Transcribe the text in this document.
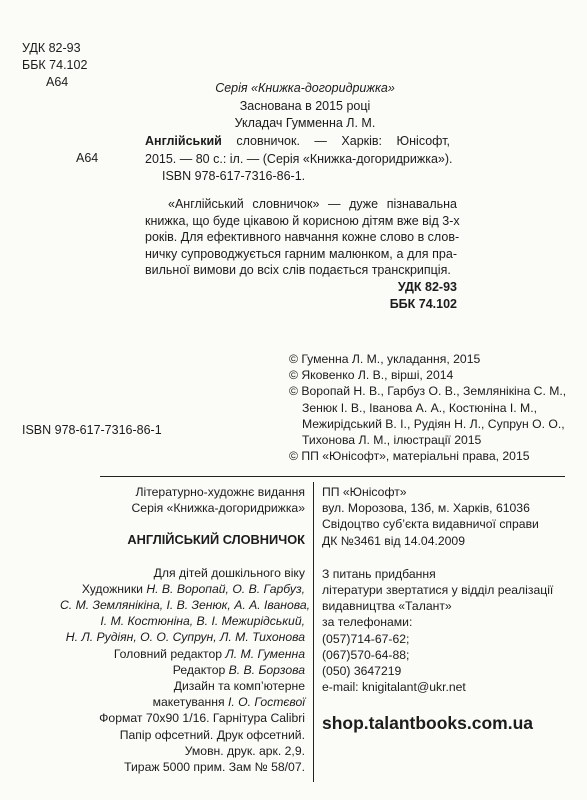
УДК 82-93
ББК 74.102
А64	Серія «Книжка-догоридрижка»
Заснована в 2015 році
Укладач Гумменна Л. М.
А64
Англійський словничок. — Харків: Юнісофт,
2015. — 80 с.: іл. — (Серія «Книжка-догоридрижка»).
ISBN 978-617-7316-86-1.
«Англійський словничок» — дуже пізнавальна
книжка, що буде цікавою й корисною дітям вже від 3-х
років. Для ефективного навчання кожне слово в слов-
ничку супроводжується гарним малюнком, а для пра-
вильної вимови до всіх слів подається транскрипція.
УДК 82-93
ББК 74.102
© Гуменна Л. М., укладання, 2015
© Яковенко Л. В., вірші, 2014
© Воропай Н. В., Гарбуз О. В., Землянікіна С. М.,
Зенюк І. В., Іванова А. А., Костюніна І. М.,
Межирідський В. І., Рудіян Н. Л., Супрун О. О.,
Тихонова Л. М., ілюстрації 2015
© ПП «Юнісофт», матеріальні права, 2015
ISBN 978-617-7316-86-1
Літературно-художнє видання
Серія «Книжка-догоридрижка»
АНГЛІЙСЬКИЙ СЛОВНИЧОК
Для дітей дошкільного віку
Художники Н. В. Воропай, О. В. Гарбуз,
С. М. Землянікіна, І. В. Зенюк, А. А. Іванова,
І. М. Костюніна, В. І. Межирідський,
Н. Л. Рудіян, О. О. Супрун, Л. М. Тихонова
Головний редактор Л. М. Гуменна
Редактор В. В. Борзова
Дизайн та комп’ютерне
макетування І. О. Гостєвої
Формат 70x90 1/16. Гарнітура Calibri
Папір офсетний. Друк офсетний.
Умовн. друк. арк. 2,9.
Тираж 5000 прим. Зам № 58/07.
ПП «Юнісофт»
вул. Морозова, 13б, м. Харків, 61036
Свідоцтво суб’єкта видавничої справи
ДК №3461 від 14.04.2009
З питань придбання
літератури звертатися у відділ реалізації
видавництва «Талант»
за телефонами:
(057)714-67-62;
(067)570-64-88;
(050) 3647219
e-mail: knigitalant@ukr.net
shop.talantbooks.com.ua
